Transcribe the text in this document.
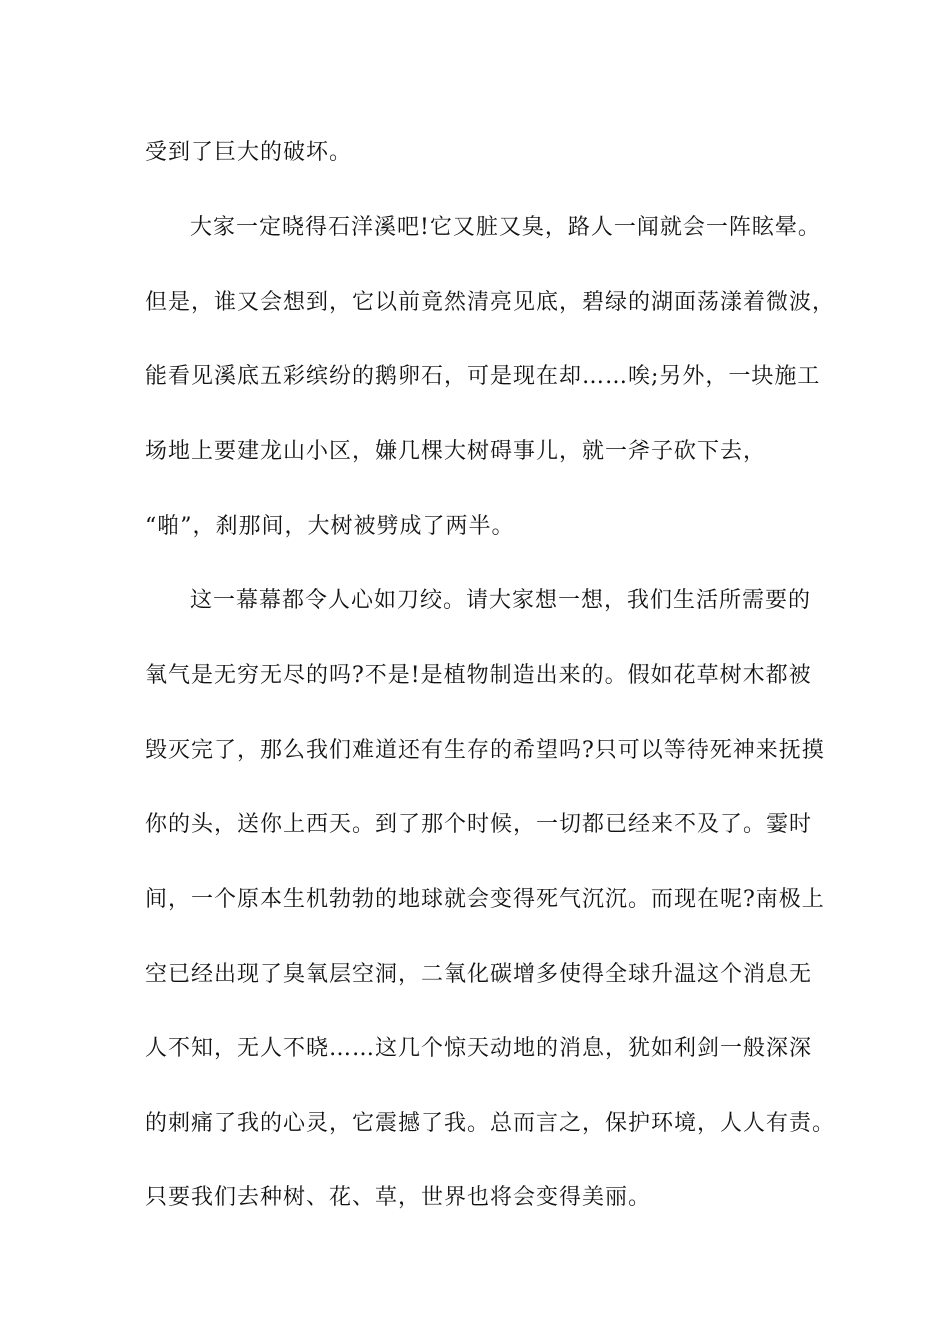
受到了巨大的破坏。
大家一定晓得石洋溪吧!它又脏又臭，路人一闻就会一阵眩晕。
但是，谁又会想到，它以前竟然清亮见底，碧绿的湖面荡漾着微波，
能看见溪底五彩缤纷的鹅卵石，可是现在却……唉;另外，一块施工
场地上要建龙山小区，嫌几棵大树碍事儿，就一斧子砍下去，
“啪”，刹那间，大树被劈成了两半。
这一幕幕都令人心如刀绞。请大家想一想，我们生活所需要的
氧气是无穷无尽的吗?不是!是植物制造出来的。假如花草树木都被
毁灭完了，那么我们难道还有生存的希望吗?只可以等待死神来抚摸
你的头，送你上西天。到了那个时候，一切都已经来不及了。霎时
间，一个原本生机勃勃的地球就会变得死气沉沉。而现在呢?南极上
空已经出现了臭氧层空洞，二氧化碳增多使得全球升温这个消息无
人不知，无人不晓……这几个惊天动地的消息，犹如利剑一般深深
的刺痛了我的心灵，它震撼了我。总而言之，保护环境，人人有责。
只要我们去种树、花、草，世界也将会变得美丽。
